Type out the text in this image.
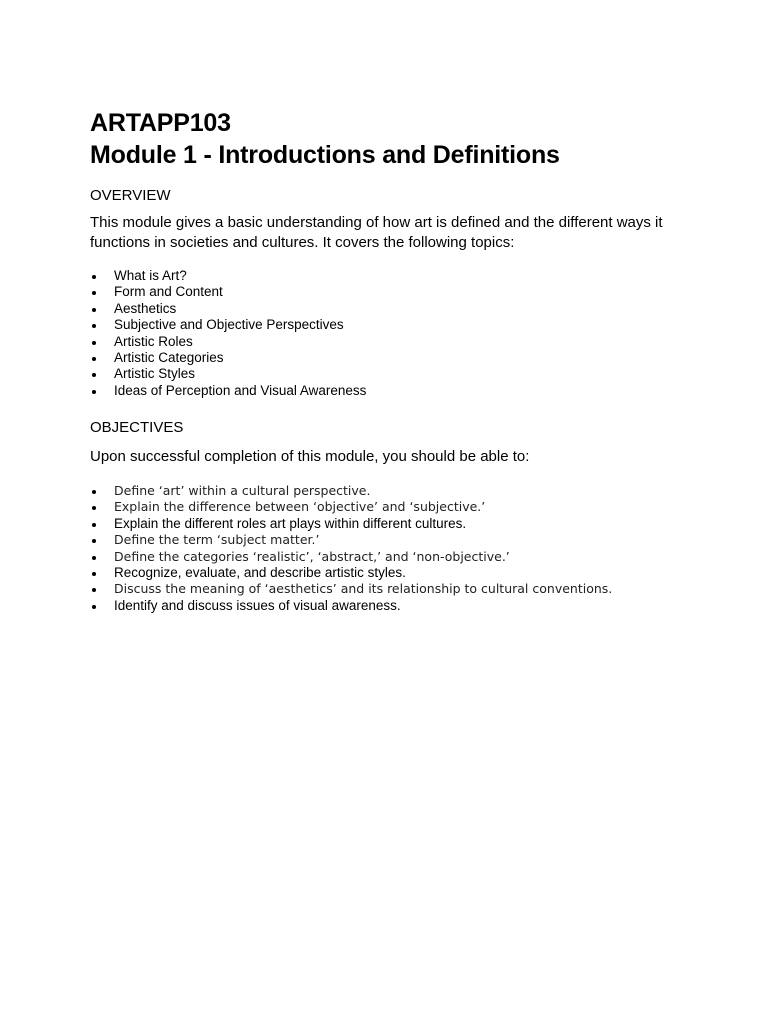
ARTAPP103
Module 1 - Introductions and Definitions
OVERVIEW
This module gives a basic understanding of how art is defined and the different ways it functions in societies and cultures. It covers the following topics:
What is Art?
Form and Content
Aesthetics
Subjective and Objective Perspectives
Artistic Roles
Artistic Categories
Artistic Styles
Ideas of Perception and Visual Awareness
OBJECTIVES
Upon successful completion of this module, you should be able to:
Define ‘art’ within a cultural perspective.
Explain the difference between ‘objective’ and ‘subjective.’
Explain the different roles art plays within different cultures.
Define the term ‘subject matter.’
Define the categories ‘realistic’, ‘abstract,’ and ‘non-objective.’
Recognize, evaluate, and describe artistic styles.
Discuss the meaning of ‘aesthetics’ and its relationship to cultural conventions.
Identify and discuss issues of visual awareness.
